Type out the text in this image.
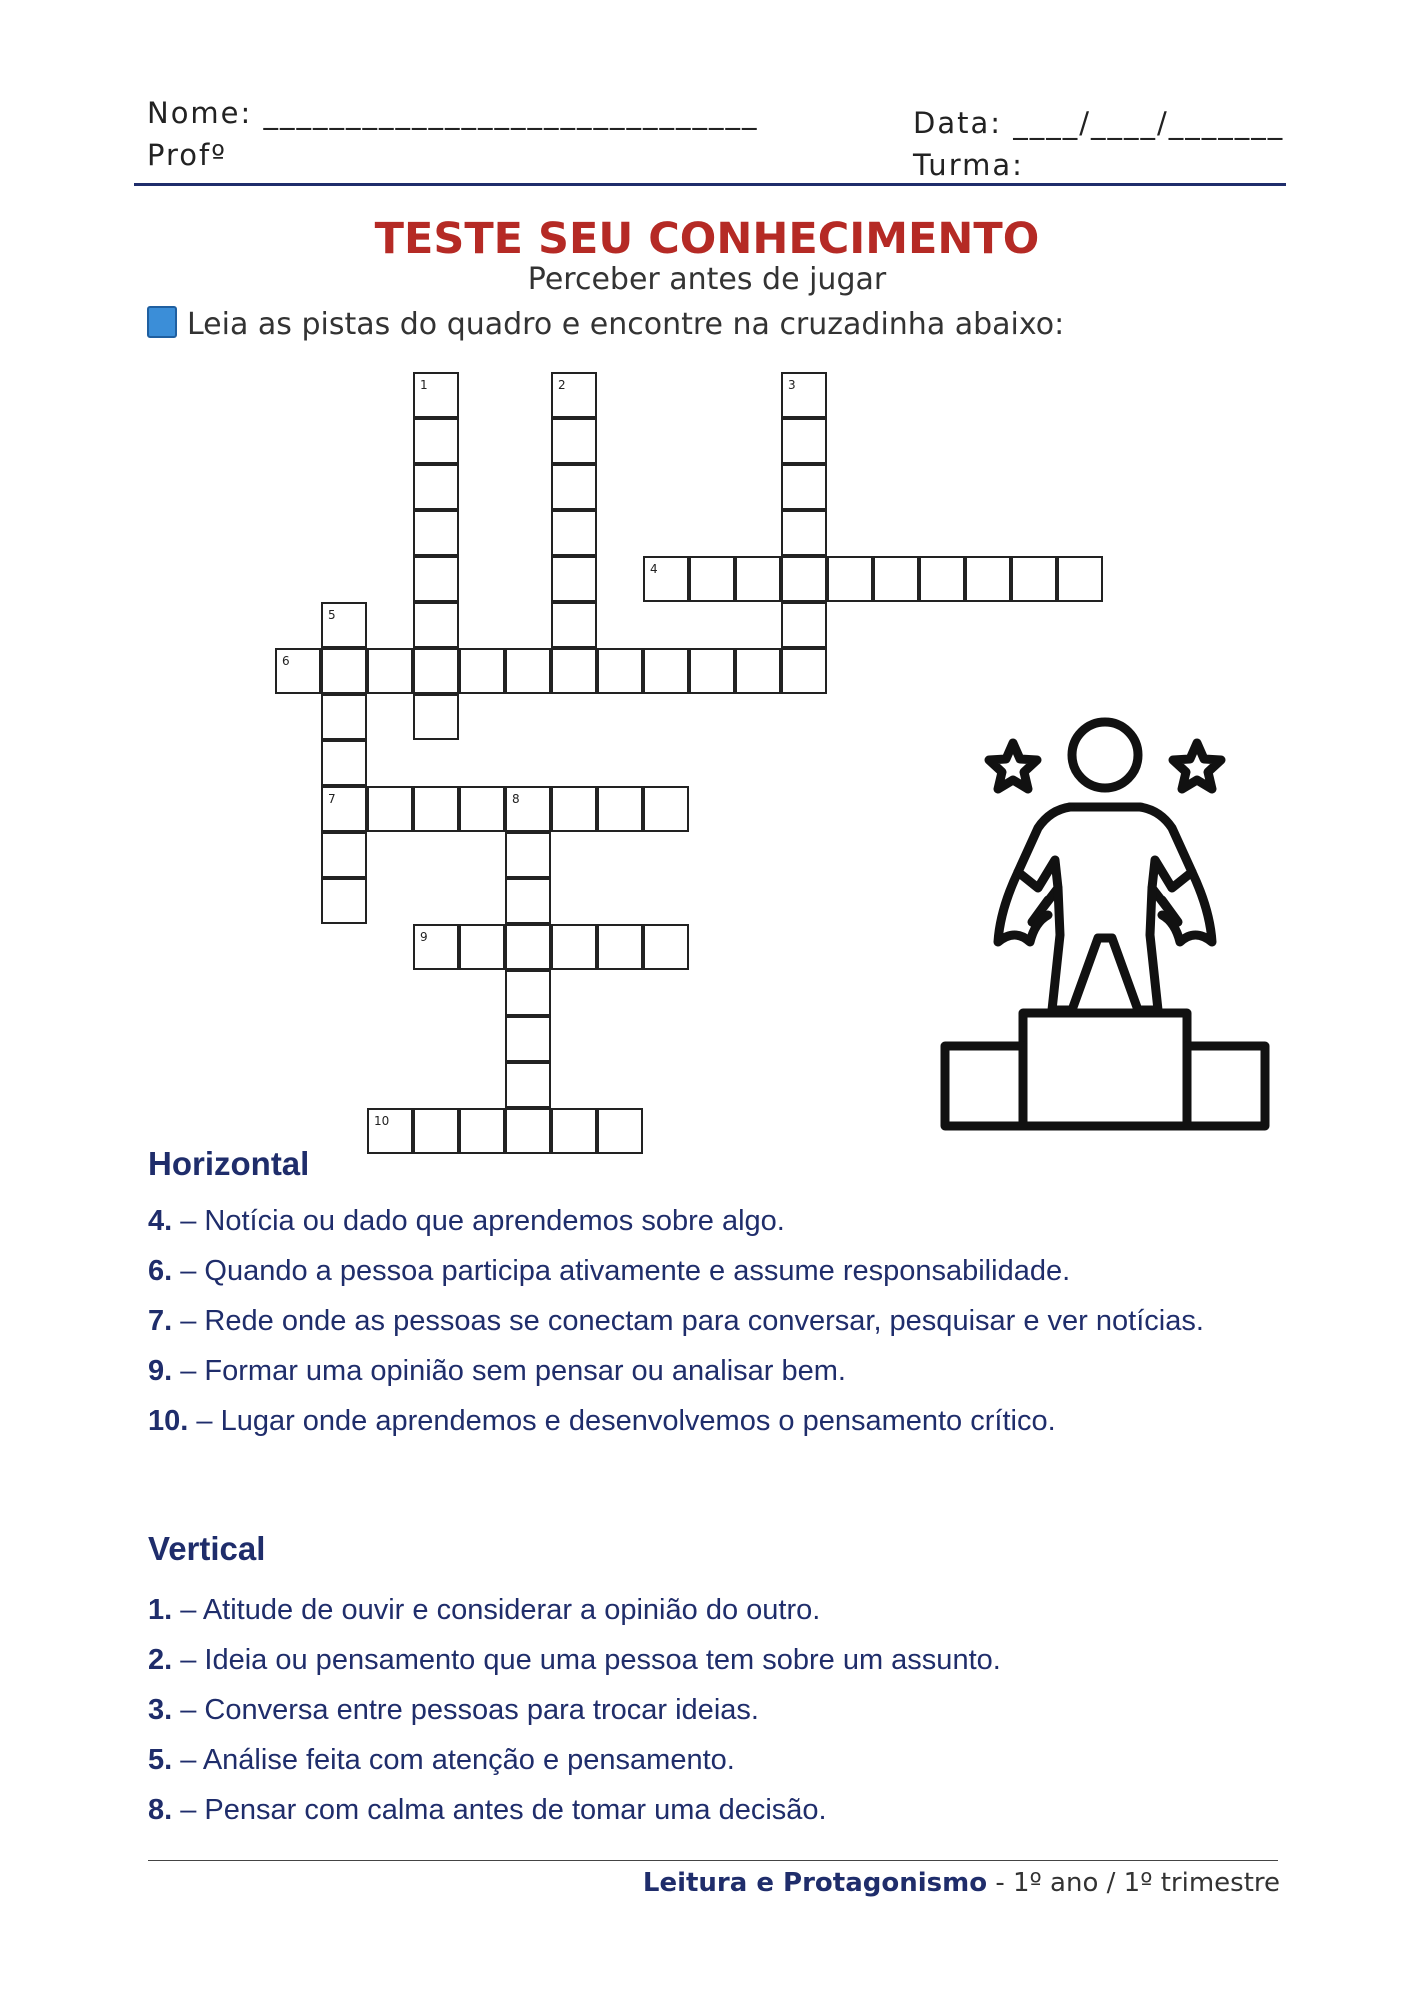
Nome: ______________________________
Profº
Data: ____/____/_______
Turma:
TESTE SEU CONHECIMENTO
Perceber antes de jugar
Leia as pistas do quadro e encontre na cruzadinha abaixo:
1	2	3
4
5
7
6
8
9
10
Horizontal
4. – Notícia ou dado que aprendemos sobre algo.
6. – Quando a pessoa participa ativamente e assume responsabilidade.
7. – Rede onde as pessoas se conectam para conversar, pesquisar e ver notícias.
9. – Formar uma opinião sem pensar ou analisar bem.
10. – Lugar onde aprendemos e desenvolvemos o pensamento crítico.
Vertical
1. – Atitude de ouvir e considerar a opinião do outro.
2. – Ideia ou pensamento que uma pessoa tem sobre um assunto.
3. – Conversa entre pessoas para trocar ideias.
5. – Análise feita com atenção e pensamento.
8. – Pensar com calma antes de tomar uma decisão.
Leitura e Protagonismo - 1º ano / 1º trimestre
